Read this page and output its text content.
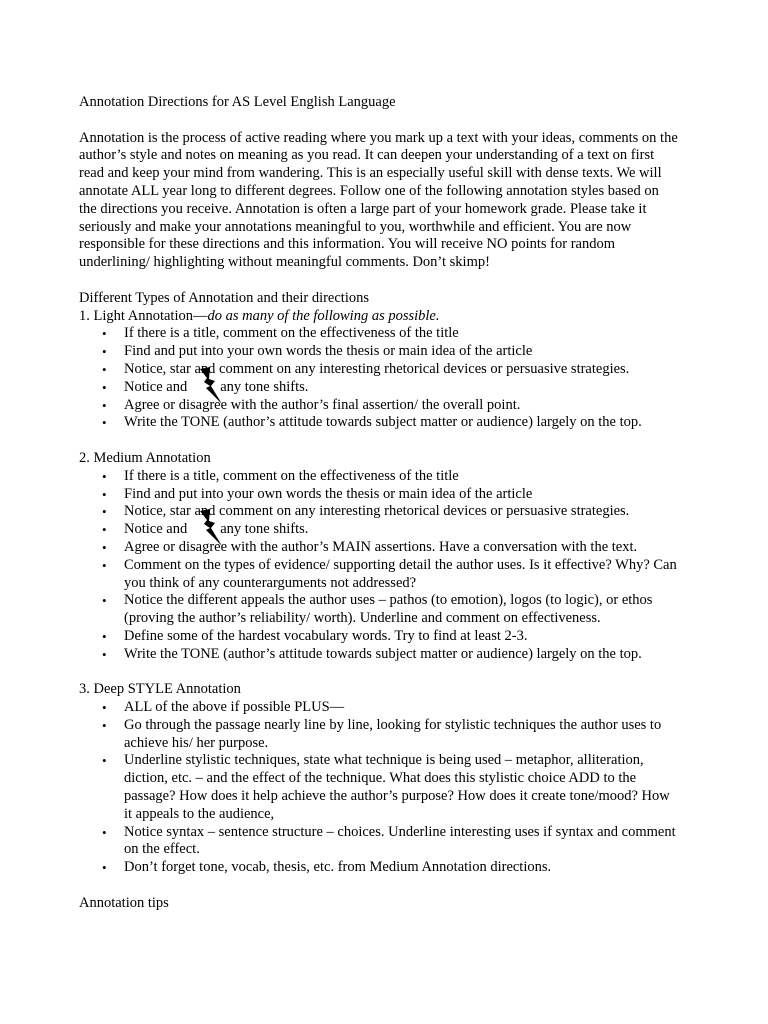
Annotation Directions for AS Level English Language

Annotation is the process of active reading where you mark up a text with your ideas, comments on the author’s style and notes on meaning as you read. It can deepen your understanding of a text on first read and keep your mind from wandering. This is an especially useful skill with dense texts. We will annotate ALL year long to different degrees. Follow one of the following annotation styles based on the directions you receive. Annotation is often a large part of your homework grade. Please take it seriously and make your annotations meaningful to you, worthwhile and efficient. You are now responsible for these directions and this information. You will receive NO points for random underlining/ highlighting without meaningful comments. Don’t skimp!

Different Types of Annotation and their directions

1. Light Annotation—do as many of the following as possible.

• If there is a title, comment on the effectiveness of the title
• Find and put into your own words the thesis or main idea of the article
• Notice, star and comment on any interesting rhetorical devices or persuasive strategies.
• Notice and any tone shifts.
• Agree or disagree with the author’s final assertion/ the overall point.
• Write the TONE (author’s attitude towards subject matter or audience) largely on the top.

2. Medium Annotation

• If there is a title, comment on the effectiveness of the title
• Find and put into your own words the thesis or main idea of the article
• Notice, star and comment on any interesting rhetorical devices or persuasive strategies.
• Notice and any tone shifts.
• Agree or disagree with the author’s MAIN assertions. Have a conversation with the text.
• Comment on the types of evidence/ supporting detail the author uses. Is it effective? Why? Can you think of any counterarguments not addressed?
• Notice the different appeals the author uses – pathos (to emotion), logos (to logic), or ethos (proving the author’s reliability/ worth). Underline and comment on effectiveness.
• Define some of the hardest vocabulary words. Try to find at least 2-3.
• Write the TONE (author’s attitude towards subject matter or audience) largely on the top.

3. Deep STYLE Annotation

• ALL of the above if possible PLUS—
• Go through the passage nearly line by line, looking for stylistic techniques the author uses to achieve his/ her purpose.
• Underline stylistic techniques, state what technique is being used – metaphor, alliteration, diction, etc. – and the effect of the technique. What does this stylistic choice ADD to the passage? How does it help achieve the author’s purpose? How does it create tone/mood? How it appeals to the audience,
• Notice syntax – sentence structure – choices. Underline interesting uses if syntax and comment on the effect.
• Don’t forget tone, vocab, thesis, etc. from Medium Annotation directions.

Annotation tips
